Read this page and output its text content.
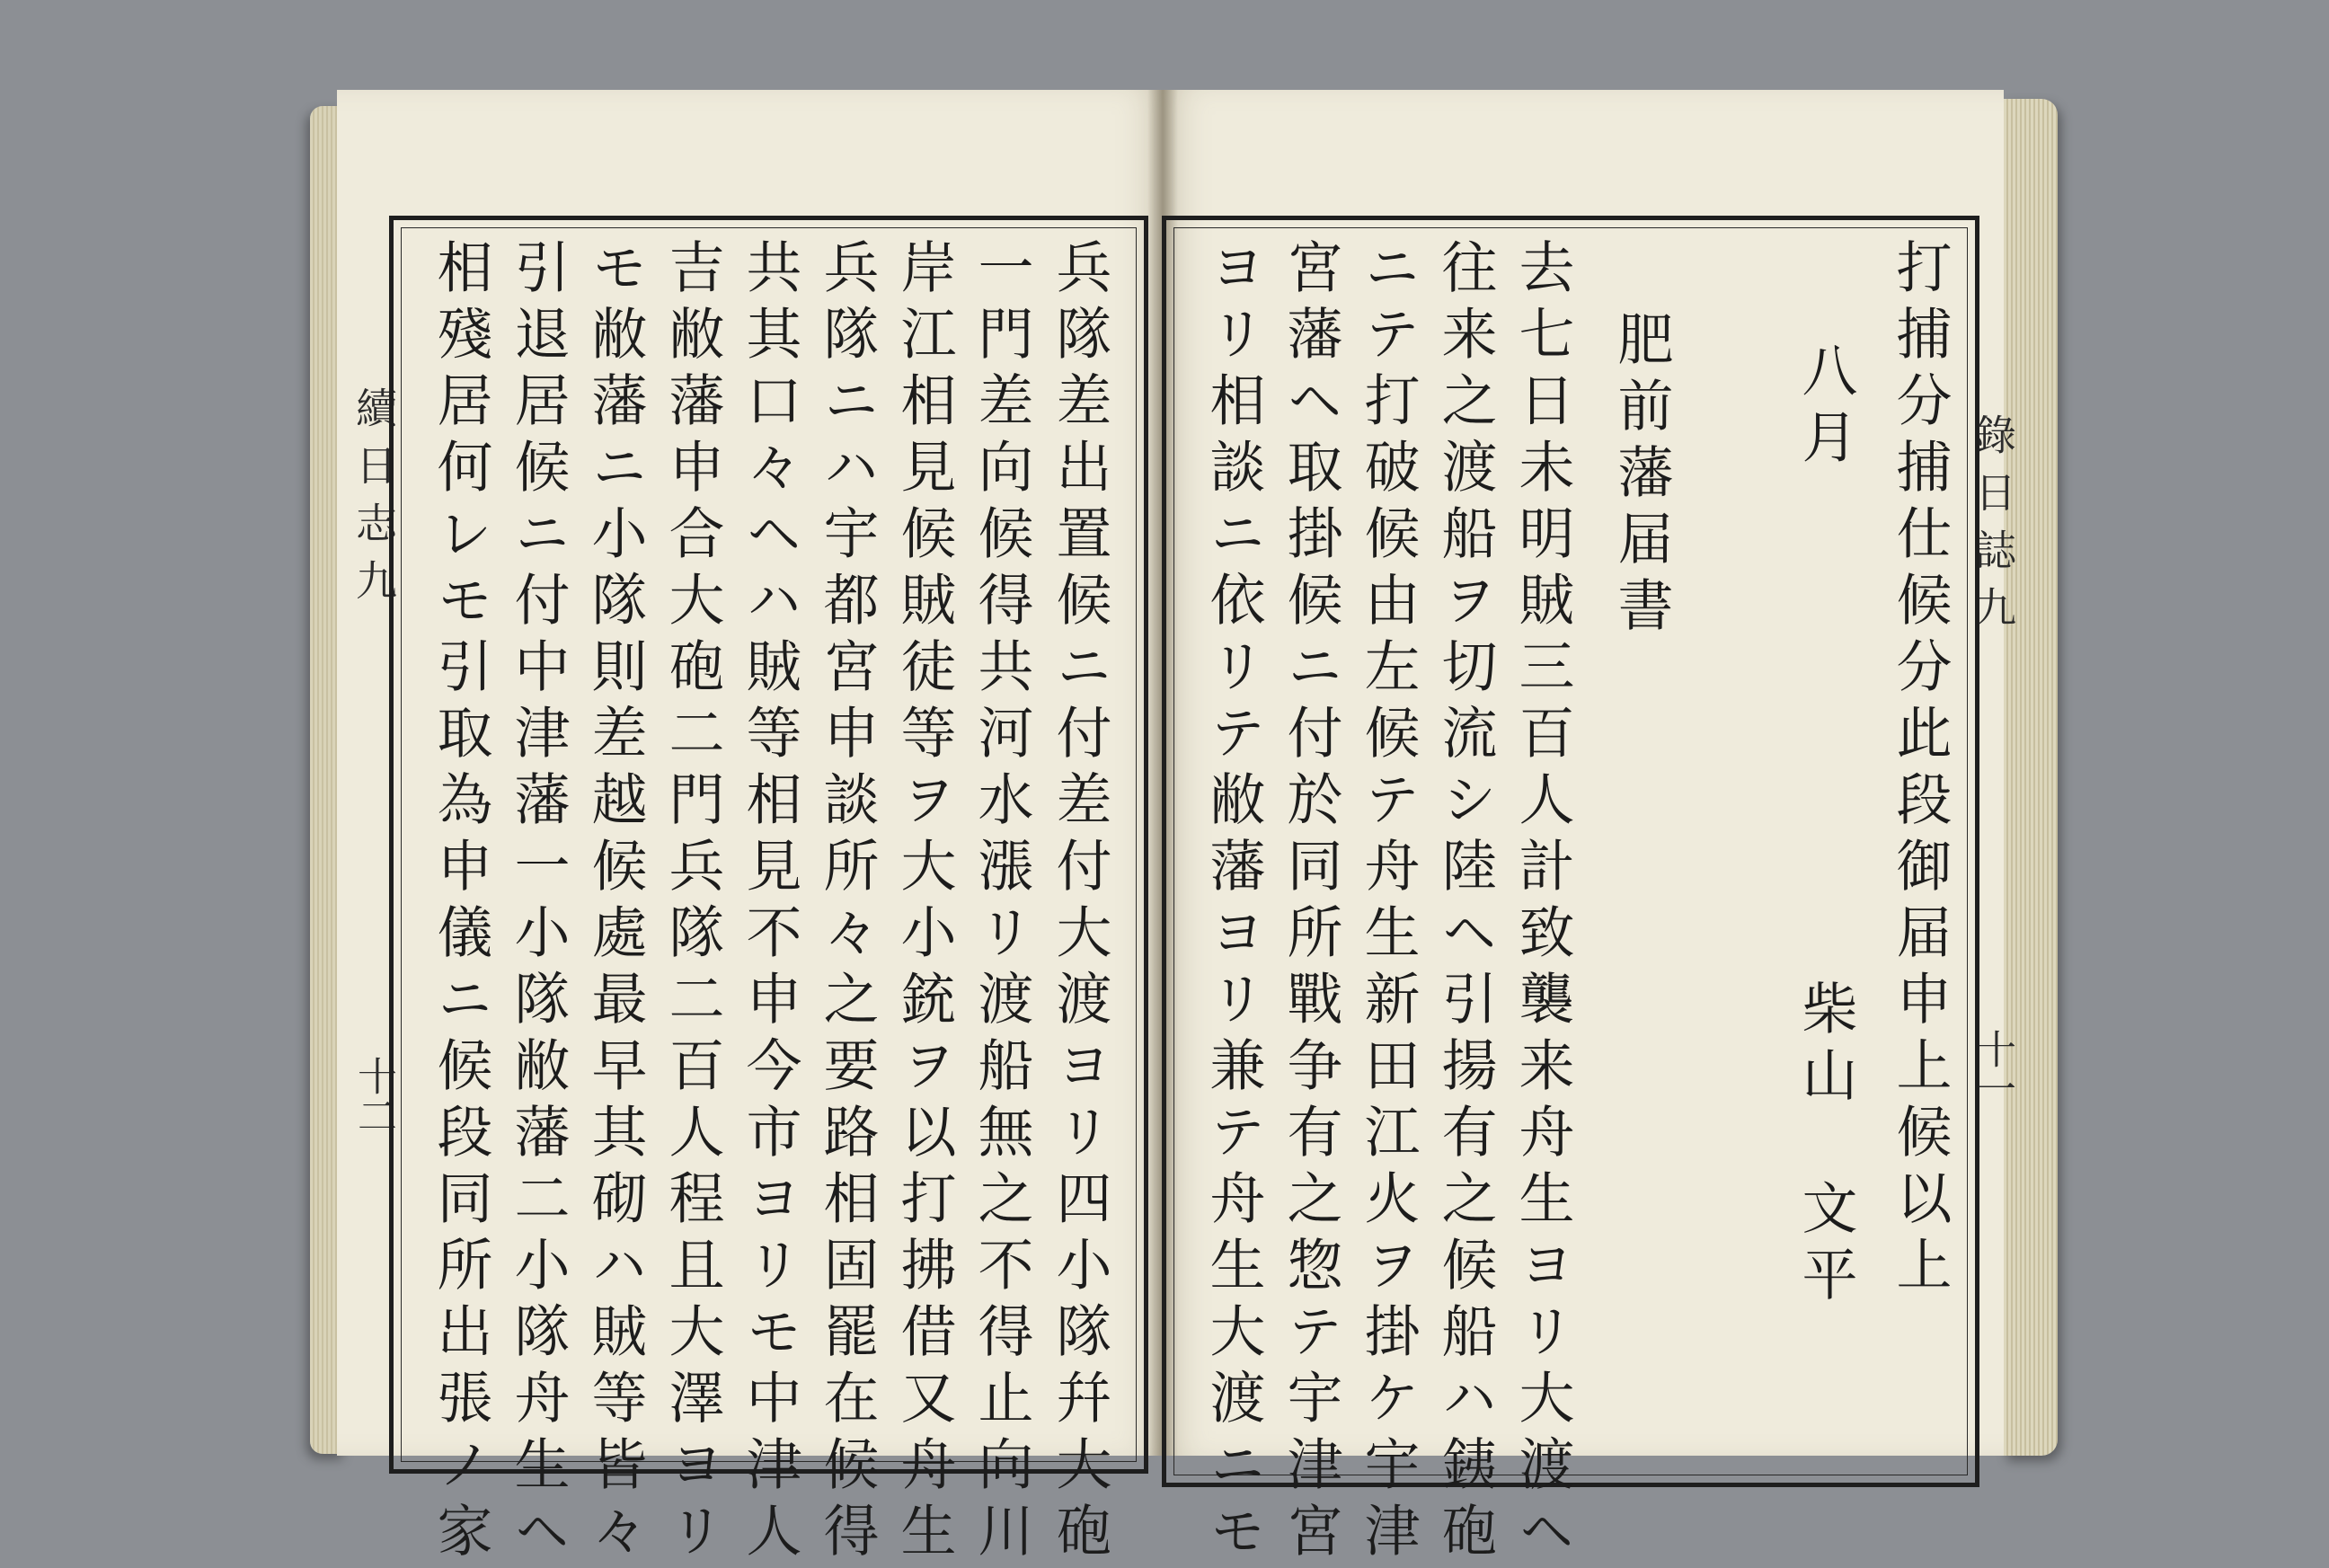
續日志九
十二
錄日誌九
十一
兵隊差出置候ニ付差付大渡ヨリ四小隊幷大砲
一門差向候得共河水漲リ渡船無之不得止向川
岸江相見候賊徒等ヲ大小銃ヲ以打拂借又舟生
兵隊ニハ宇都宮申談所々之要路相固罷在候得
共其口々ヘハ賊等相見不申今市ヨリモ中津人
吉敝藩申合大砲二門兵隊二百人程且大澤ヨリ
モ敝藩ニ小隊則差越候處最早其砌ハ賊等皆々
引退居候ニ付中津藩一小隊敝藩二小隊舟生ヘ
相殘居何レモ引取為申儀ニ候段同所出張ノ家	打捕分捕仕候分此段御届申上候以上
八月
柴山　文平
肥前藩届書
去七日未明賊三百人計致襲来舟生ヨリ大渡ヘ
往来之渡船ヲ切流シ陸ヘ引揚有之候船ハ銕砲
ニテ打破候由左候テ舟生新田江火ヲ掛ケ宇津
宮藩ヘ取掛候ニ付於同所戰争有之惣テ宇津宮
ヨリ相談ニ依リテ敝藩ヨリ兼テ舟生大渡ニモ
